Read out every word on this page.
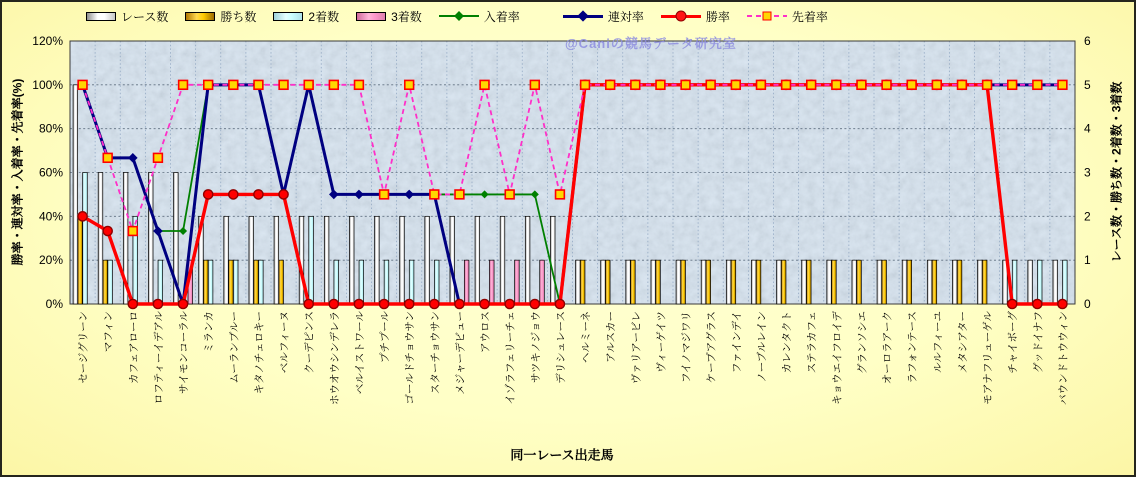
0%
20%
40%
60%
80%
100%
120%
0
1
2
3
4
5
6
セージグリーン マフィン カフェアローロ ロフティーイデアル サイモンコーラル ミランカ ムーランブルー キタノチェロキー ベルフィーヌ クーデピンス ホウオウシンデレラ ベルイストワール プチプール ゴールドチョウサン スターチョウサン メジャーデビュー アウロス イゾラフェリーチェ サツキノジョウ デリシュレース ヘルミーネ アルスカー ヴァリアービレ ヴィーゲイツ フイノマジワリ ケープアグラス ファインデイ ノーブルレイン カレンタクト ステラカフェ キョウエイフロイデ グランソシエ オーロラアーク ラフォンテース ルルフィーユ メタシアター モアナフリューゲル チャイボーグ グッドイナフ バウンドトウウィン
レース数	勝ち数	2着数	3着数	入着率	連対率	勝率	先着率
勝率・連対率・入着率・先着率(%)	レース数・勝ち数・2着数・3着数
同一レース出走馬
@Caniの競馬データ研究室
